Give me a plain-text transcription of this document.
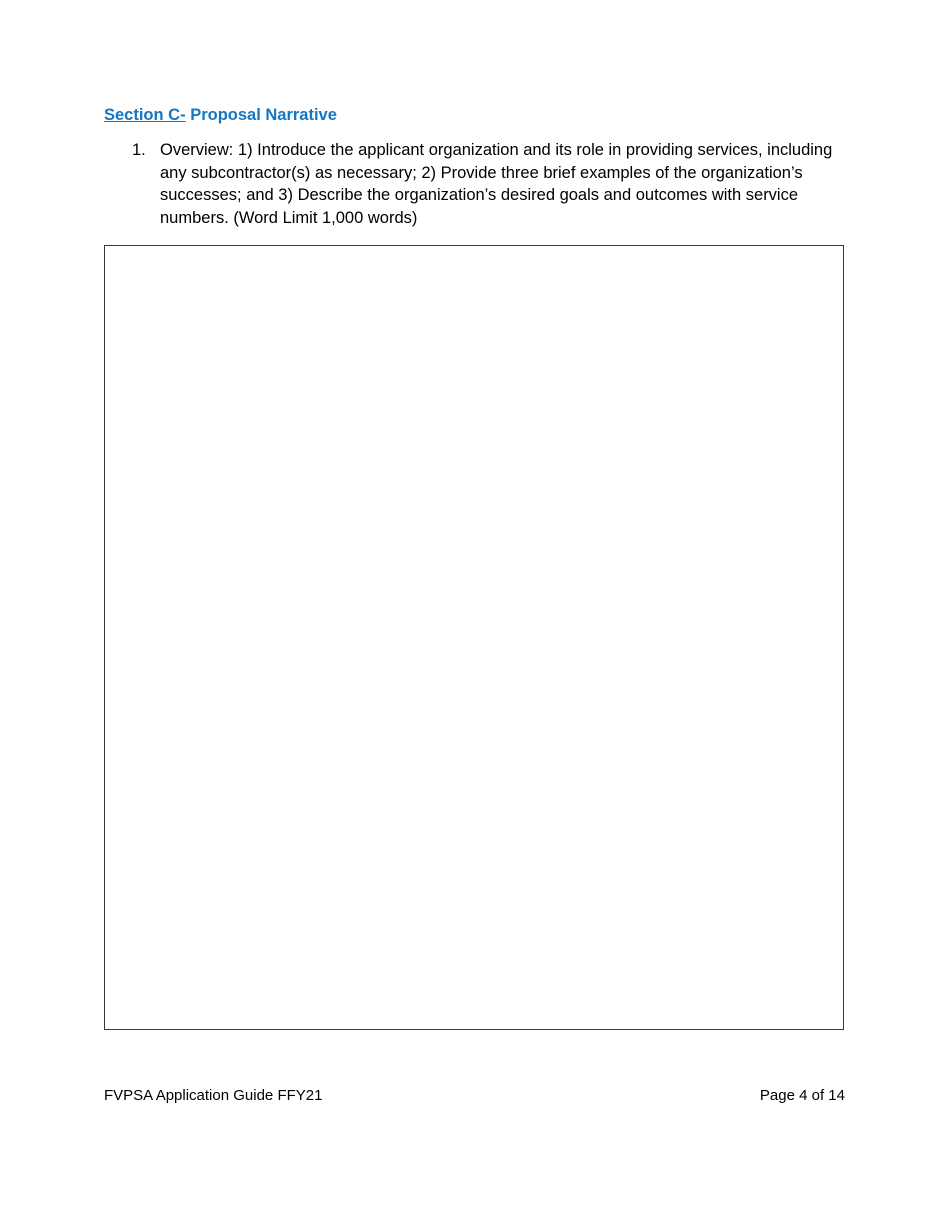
Section C- Proposal Narrative
1. Overview: 1) Introduce the applicant organization and its role in providing services, including any subcontractor(s) as necessary; 2) Provide three brief examples of the organization’s successes; and 3) Describe the organization’s desired goals and outcomes with service numbers. (Word Limit 1,000 words)
FVPSA Application Guide FFY21	Page 4 of 14
